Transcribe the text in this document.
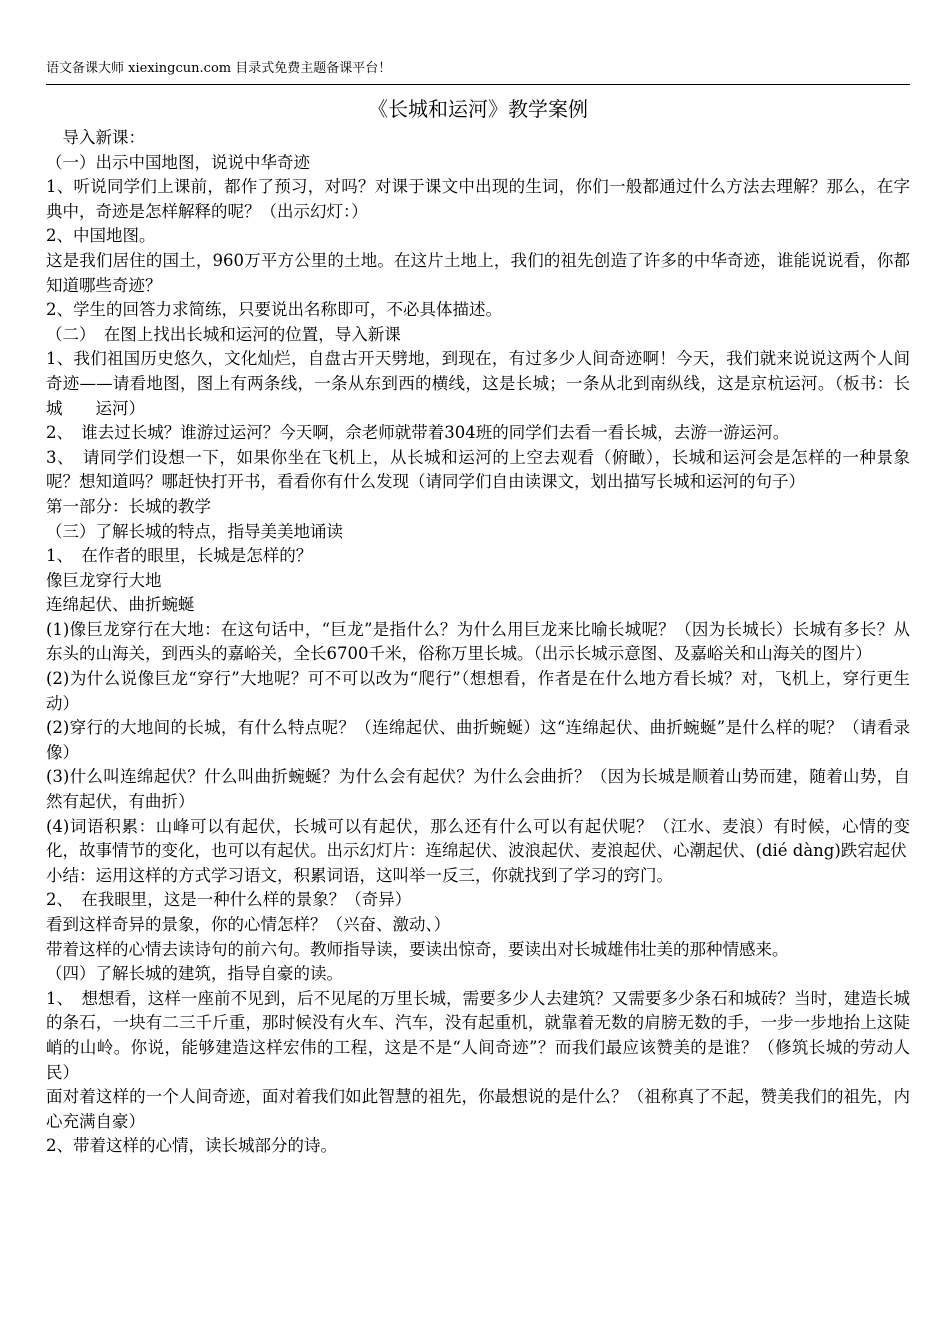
语文备课大师 xiexingcun.com 目录式免费主题备课平台！
《长城和运河》教学案例

　导入新课：

（一）出示中国地图，说说中华奇迹

1、听说同学们上课前，都作了预习，对吗？对课于课文中出现的生词，你们一般都通过什么方法去理解？那么，在字典中，奇迹是怎样解释的呢？（出示幻灯：）

2、中国地图。

这是我们居住的国土，960万平方公里的土地。在这片土地上，我们的祖先创造了许多的中华奇迹，谁能说说看，你都知道哪些奇迹？

2、学生的回答力求简练，只要说出名称即可，不必具体描述。

（二）　在图上找出长城和运河的位置，导入新课

1、我们祖国历史悠久，文化灿烂，自盘古开天劈地，到现在，有过多少人间奇迹啊！今天，我们就来说说这两个人间奇迹——请看地图，图上有两条线，一条从东到西的横线，这是长城；一条从北到南纵线，这是京杭运河。（板书：长城　　运河）

2、　谁去过长城？谁游过运河？今天啊，佘老师就带着304班的同学们去看一看长城，去游一游运河。

3、　请同学们设想一下，如果你坐在飞机上，从长城和运河的上空去观看（俯瞰），长城和运河会是怎样的一种景象呢？想知道吗？哪赶快打开书，看看你有什么发现（请同学们自由读课文，划出描写长城和运河的句子）

第一部分：长城的教学

（三）了解长城的特点，指导美美地诵读

1、　在作者的眼里，长城是怎样的？

像巨龙穿行大地

连绵起伏、曲折蜿蜒

(1)像巨龙穿行在大地：在这句话中，“巨龙”是指什么？为什么用巨龙来比喻长城呢？（因为长城长）长城有多长？从东头的山海关，到西头的嘉峪关，全长6700千米，俗称万里长城。（出示长城示意图、及嘉峪关和山海关的图片）

(2)为什么说像巨龙“穿行”大地呢？可不可以改为“爬行”（想想看，作者是在什么地方看长城？对，飞机上，穿行更生动）

(2)穿行的大地间的长城，有什么特点呢？（连绵起伏、曲折蜿蜒）这“连绵起伏、曲折蜿蜒”是什么样的呢？（请看录像）

(3)什么叫连绵起伏？什么叫曲折蜿蜒？为什么会有起伏？为什么会曲折？（因为长城是顺着山势而建，随着山势，自然有起伏，有曲折）

(4)词语积累：山峰可以有起伏，长城可以有起伏，那么还有什么可以有起伏呢？（江水、麦浪）有时候，心情的变化，故事情节的变化，也可以有起伏。出示幻灯片：连绵起伏、波浪起伏、麦浪起伏、心潮起伏、(dié dàng)跌宕起伏

小结：运用这样的方式学习语文，积累词语，这叫举一反三，你就找到了学习的窍门。

2、　在我眼里，这是一种什么样的景象？（奇异）

看到这样奇异的景象，你的心情怎样？（兴奋、激动、）

带着这样的心情去读诗句的前六句。教师指导读，要读出惊奇，要读出对长城雄伟壮美的那种情感来。

（四）了解长城的建筑，指导自豪的读。

1、　想想看，这样一座前不见到，后不见尾的万里长城，需要多少人去建筑？又需要多少条石和城砖？当时，建造长城的条石，一块有二三千斤重，那时候没有火车、汽车，没有起重机，就靠着无数的肩膀无数的手，一步一步地抬上这陡峭的山岭。你说，能够建造这样宏伟的工程，这是不是“人间奇迹”？而我们最应该赞美的是谁？（修筑长城的劳动人民）

面对着这样的一个人间奇迹，面对着我们如此智慧的祖先，你最想说的是什么？（祖称真了不起，赞美我们的祖先，内心充满自豪）

2、带着这样的心情，读长城部分的诗。
